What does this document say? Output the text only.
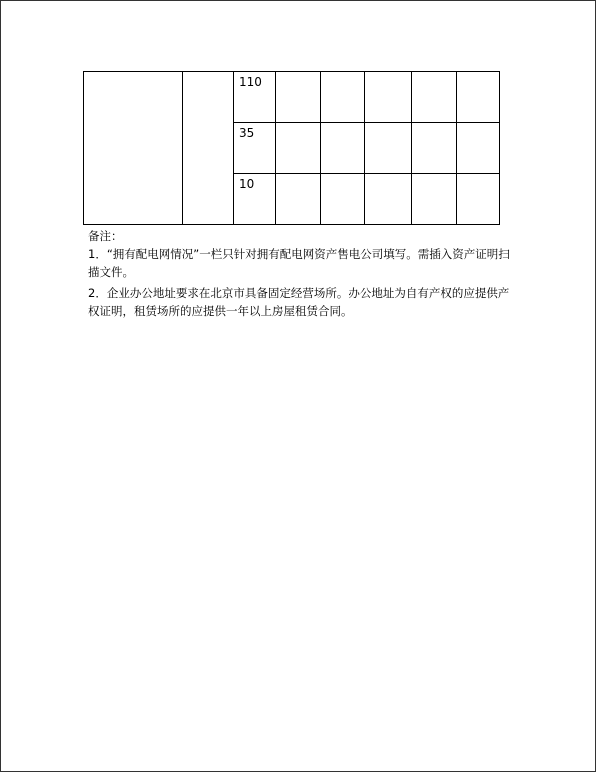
		110					

		35					

		10					

备注：

1．“拥有配电网情况”一栏只针对拥有配电网资产售电公司填写。需插入资产证明扫描文件。

2．企业办公地址要求在北京市具备固定经营场所。办公地址为自有产权的应提供产权证明，租赁场所的应提供一年以上房屋租赁合同。
